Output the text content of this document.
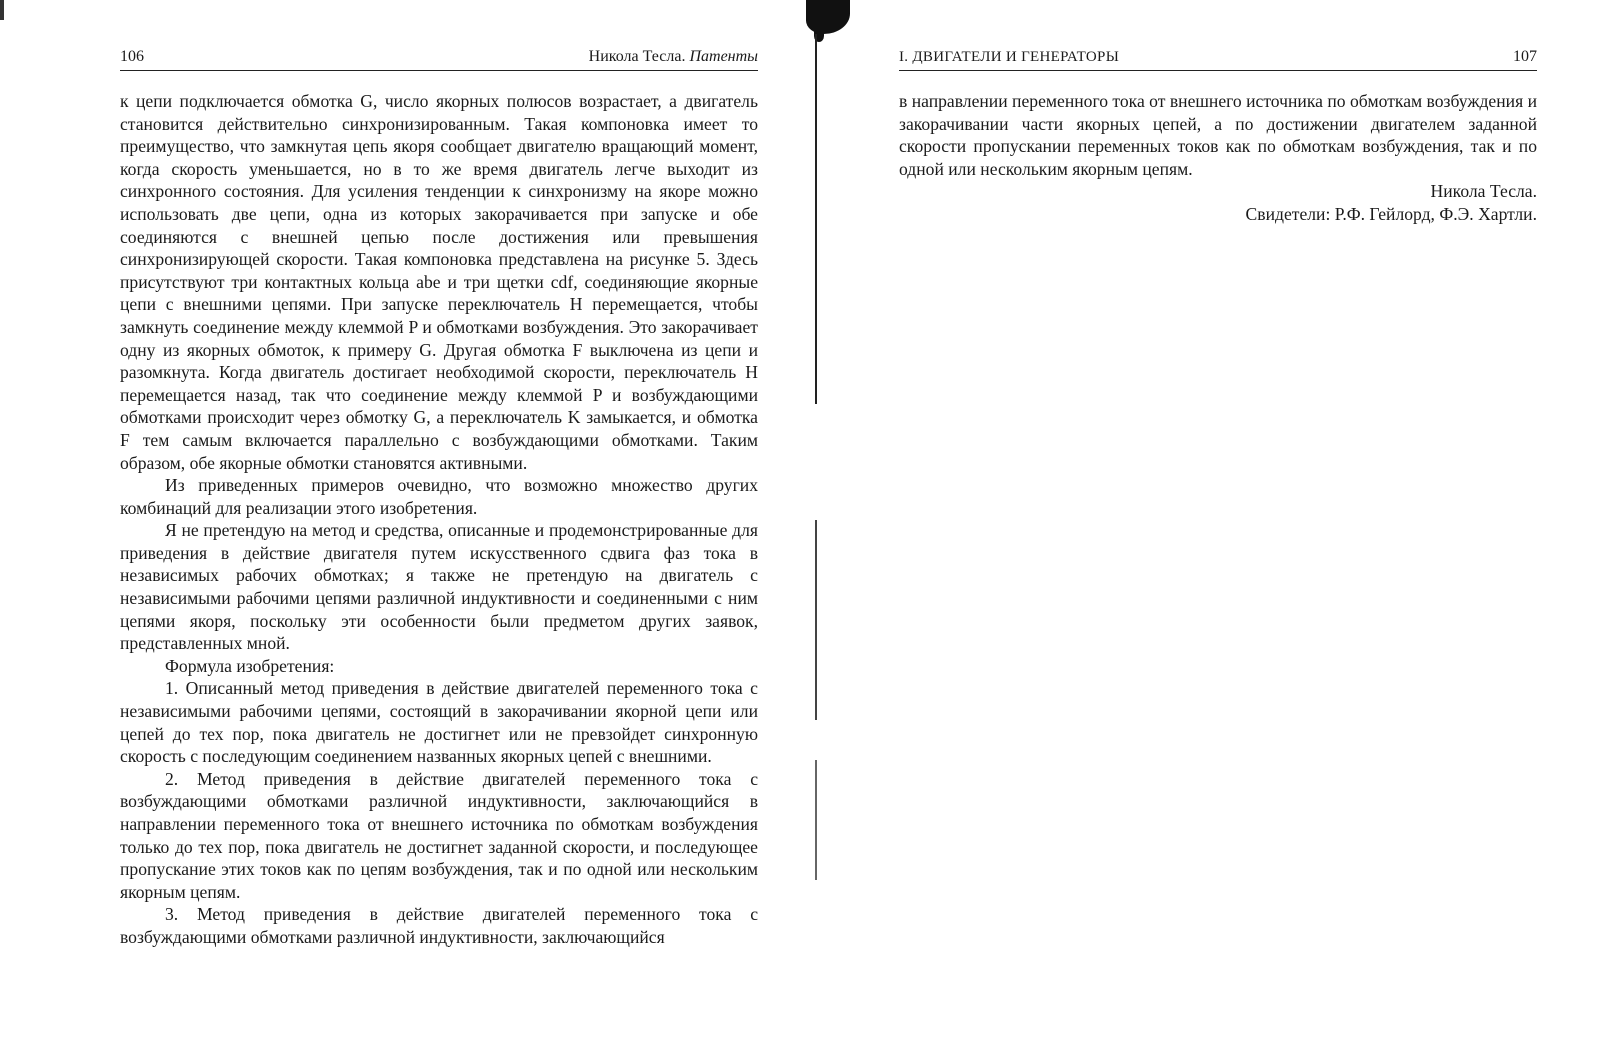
106	Никола Тесла. Патенты

к цепи подключается обмотка G, число якорных полюсов возрастает, а двигатель становится действительно синхронизированным. Такая компоновка имеет то преимущество, что замкнутая цепь якоря сообщает двигателю вращающий момент, когда скорость уменьшается, но в то же время двигатель легче выходит из синхронного состояния. Для усиления тенденции к синхронизму на якоре можно использовать две цепи, одна из которых закорачивается при запуске и обе соединяются с внешней цепью после достижения или превышения синхронизирующей скорости. Такая компоновка представлена на рисунке 5. Здесь присутствуют три контактных кольца abe и три щетки cdf, соединяющие якорные цепи с внешними цепями. При запуске переключатель H перемещается, чтобы замкнуть соединение между клеммой P и обмотками возбуждения. Это закорачивает одну из якорных обмоток, к примеру G. Другая обмотка F выключена из цепи и разомкнута. Когда двигатель достигает необходимой скорости, переключатель H перемещается назад, так что соединение между клеммой P и возбуждающими обмотками происходит через обмотку G, а переключатель K замыкается, и обмотка F тем самым включается параллельно с возбуждающими обмотками. Таким образом, обе якорные обмотки становятся активными.

Из приведенных примеров очевидно, что возможно множество других комбинаций для реализации этого изобретения.

Я не претендую на метод и средства, описанные и продемонстрированные для приведения в действие двигателя путем искусственного сдвига фаз тока в независимых рабочих обмотках; я также не претендую на двигатель с независимыми рабочими цепями различной индуктивности и соединенными с ним цепями якоря, поскольку эти особенности были предметом других заявок, представленных мной.

Формула изобретения:

1. Описанный метод приведения в действие двигателей переменного тока с независимыми рабочими цепями, состоящий в закорачивании якорной цепи или цепей до тех пор, пока двигатель не достигнет или не превзойдет синхронную скорость с последующим соединением названных якорных цепей с внешними.

2. Метод приведения в действие двигателей переменного тока с возбуждающими обмотками различной индуктивности, заключающийся в направлении переменного тока от внешнего источника по обмоткам возбуждения только до тех пор, пока двигатель не достигнет заданной скорости, и последующее пропускание этих токов как по цепям возбуждения, так и по одной или нескольким якорным цепям.

3. Метод приведения в действие двигателей переменного тока с возбуждающими обмотками различной индуктивности, заключающийся

I. ДВИГАТЕЛИ И ГЕНЕРАТОРЫ	107

в направлении переменного тока от внешнего источника по обмоткам возбуждения и закорачивании части якорных цепей, а по достижении двигателем заданной скорости пропускании переменных токов как по обмоткам возбуждения, так и по одной или нескольким якорным цепям.

Никола Тесла.

Свидетели: Р.Ф. Гейлорд, Ф.Э. Хартли.
